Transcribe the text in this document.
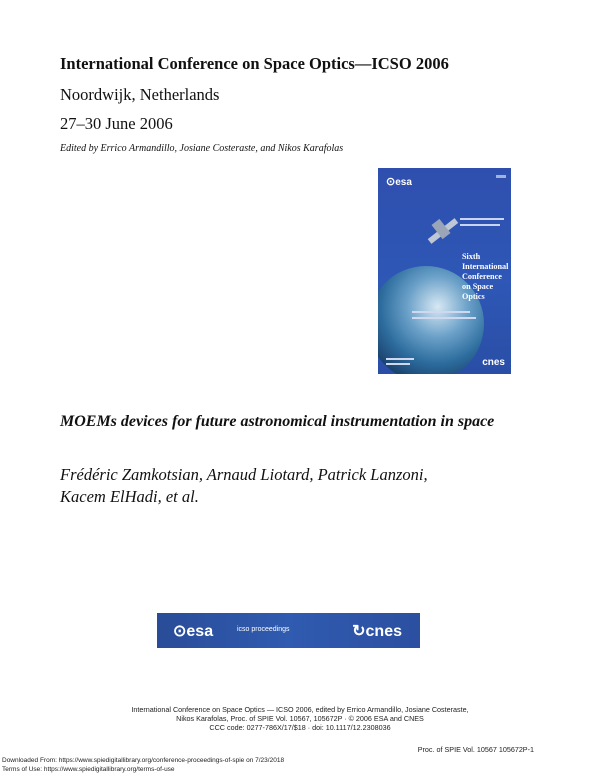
International Conference on Space Optics—ICSO 2006
Noordwijk, Netherlands
27–30 June 2006
Edited by Errico Armandillo, Josiane Costeraste, and Nikos Karafolas
⊙esa
Sixth
International
Conference
on Space
Optics
cnes
MOEMs devices for future astronomical instrumentation in space
Frédéric Zamkotsian, Arnaud Liotard, Patrick Lanzoni,
Kacem ElHadi, et al.
⊙esa	icso proceedings	↻cnes
International Conference on Space Optics — ICSO 2006, edited by Errico Armandillo, Josiane Costeraste,
Nikos Karafolas, Proc. of SPIE Vol. 10567, 105672P · © 2006 ESA and CNES
CCC code: 0277-786X/17/$18 · doi: 10.1117/12.2308036
Proc. of SPIE Vol. 10567 105672P-1
Downloaded From: https://www.spiedigitallibrary.org/conference-proceedings-of-spie on 7/23/2018
Terms of Use: https://www.spiedigitallibrary.org/terms-of-use
